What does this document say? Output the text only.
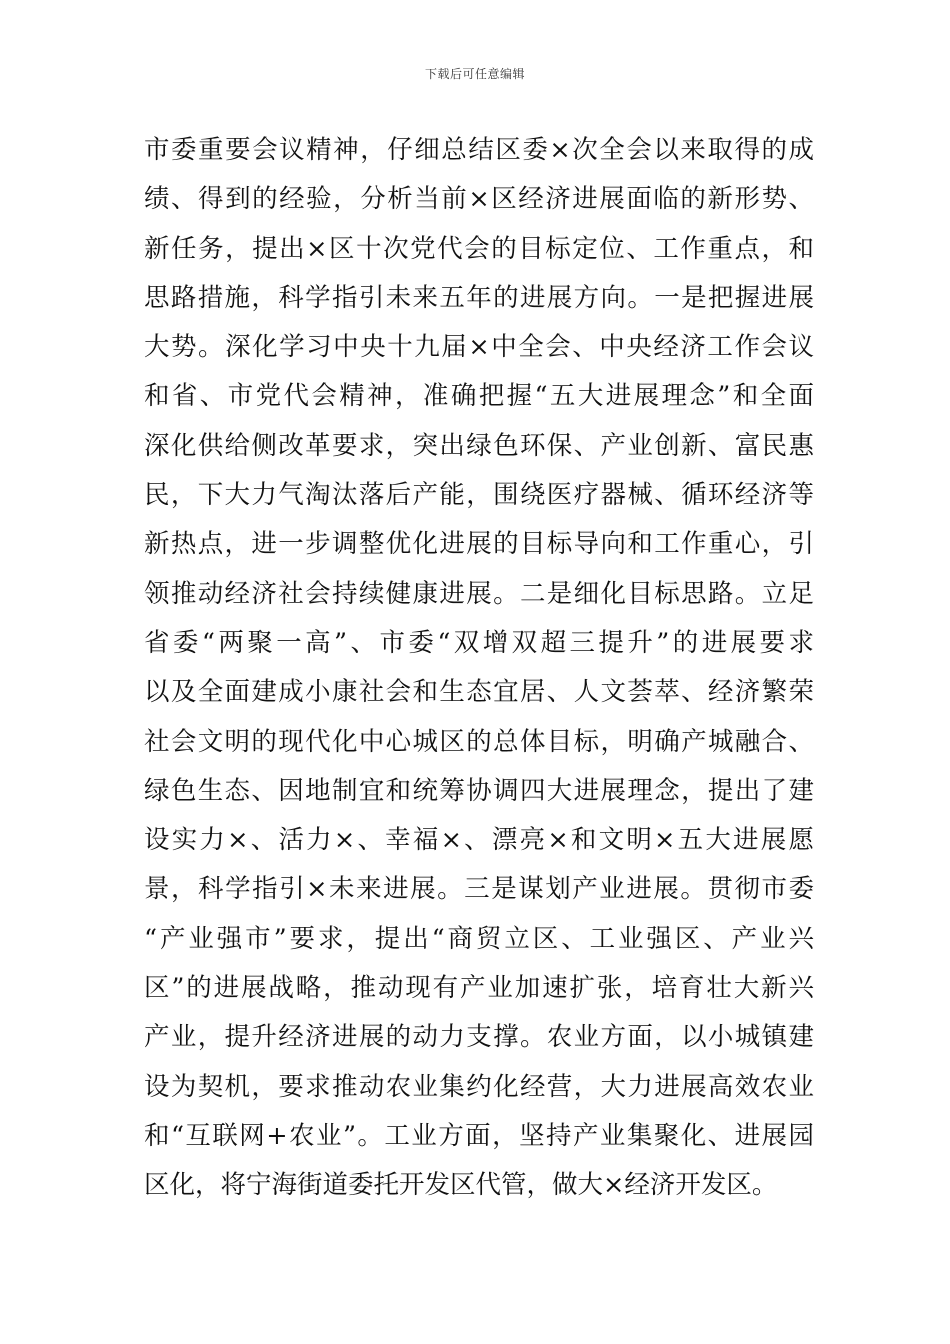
下载后可任意编辑
市委重要会议精神，仔细总结区委×次全会以来取得的成
绩、得到的经验，分析当前×区经济进展面临的新形势、
新任务，提出×区十次党代会的目标定位、工作重点，和
思路措施，科学指引未来五年的进展方向。一是把握进展
大势。深化学习中央十九届×中全会、中央经济工作会议
和省、市党代会精神，准确把握“五大进展理念”和全面
深化供给侧改革要求，突出绿色环保、产业创新、富民惠
民，下大力气淘汰落后产能，围绕医疗器械、循环经济等
新热点，进一步调整优化进展的目标导向和工作重心，引
领推动经济社会持续健康进展。二是细化目标思路。立足
省委“两聚一高”、市委“双增双超三提升”的进展要求
以及全面建成小康社会和生态宜居、人文荟萃、经济繁荣
社会文明的现代化中心城区的总体目标，明确产城融合、
绿色生态、因地制宜和统筹协调四大进展理念，提出了建
设实力×、活力×、幸福×、漂亮×和文明×五大进展愿
景，科学指引×未来进展。三是谋划产业进展。贯彻市委
“产业强市”要求，提出“商贸立区、工业强区、产业兴
区”的进展战略，推动现有产业加速扩张，培育壮大新兴
产业，提升经济进展的动力支撑。农业方面，以小城镇建
设为契机，要求推动农业集约化经营，大力进展高效农业
和“互联网+农业”。工业方面，坚持产业集聚化、进展园
区化，将宁海街道委托开发区代管，做大×经济开发区。
